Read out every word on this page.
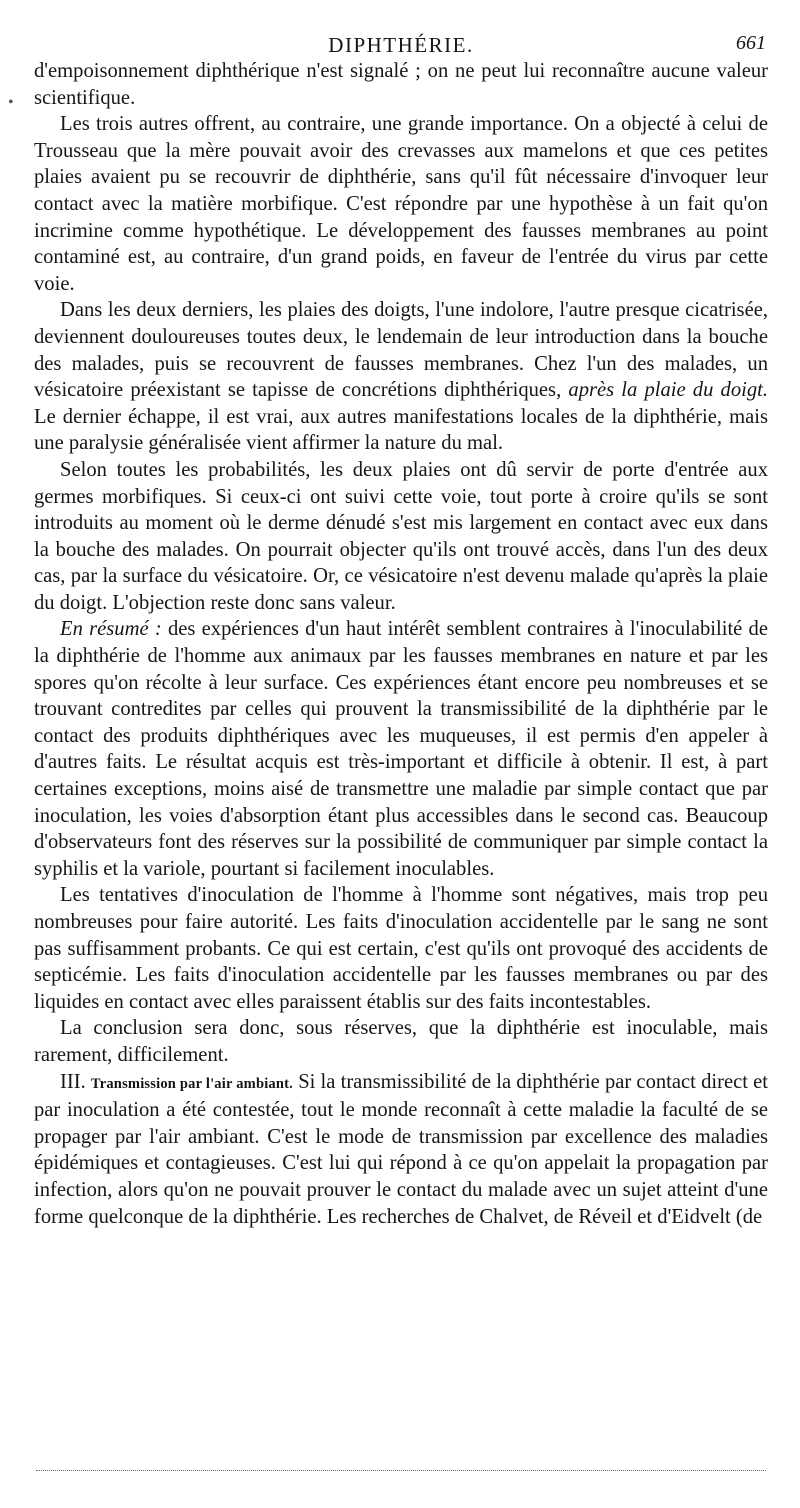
DIPHTHÉRIE.	661
•

d'empoisonnement diphthérique n'est signalé ; on ne peut lui reconnaître aucune valeur scientifique.

Les trois autres offrent, au contraire, une grande importance. On a objecté à celui de Trousseau que la mère pouvait avoir des crevasses aux mamelons et que ces petites plaies avaient pu se recouvrir de diphthérie, sans qu'il fût nécessaire d'invoquer leur contact avec la matière morbifique. C'est répondre par une hypothèse à un fait qu'on incrimine comme hypothétique. Le développement des fausses membranes au point contaminé est, au contraire, d'un grand poids, en faveur de l'entrée du virus par cette voie.

Dans les deux derniers, les plaies des doigts, l'une indolore, l'autre presque cicatrisée, deviennent douloureuses toutes deux, le lendemain de leur introduction dans la bouche des malades, puis se recouvrent de fausses membranes. Chez l'un des malades, un vésicatoire préexistant se tapisse de concrétions diphthériques, après la plaie du doigt. Le dernier échappe, il est vrai, aux autres manifestations locales de la diphthérie, mais une paralysie généralisée vient affirmer la nature du mal.

Selon toutes les probabilités, les deux plaies ont dû servir de porte d'entrée aux germes morbifiques. Si ceux-ci ont suivi cette voie, tout porte à croire qu'ils se sont introduits au moment où le derme dénudé s'est mis largement en contact avec eux dans la bouche des malades. On pourrait objecter qu'ils ont trouvé accès, dans l'un des deux cas, par la surface du vésicatoire. Or, ce vésicatoire n'est devenu malade qu'après la plaie du doigt. L'objection reste donc sans valeur.

En résumé : des expériences d'un haut intérêt semblent contraires à l'inoculabilité de la diphthérie de l'homme aux animaux par les fausses membranes en nature et par les spores qu'on récolte à leur surface. Ces expériences étant encore peu nombreuses et se trouvant contredites par celles qui prouvent la transmissibilité de la diphthérie par le contact des produits diphthériques avec les muqueuses, il est permis d'en appeler à d'autres faits. Le résultat acquis est très-important et difficile à obtenir. Il est, à part certaines exceptions, moins aisé de transmettre une maladie par simple contact que par inoculation, les voies d'absorption étant plus accessibles dans le second cas. Beaucoup d'observateurs font des réserves sur la possibilité de communiquer par simple contact la syphilis et la variole, pourtant si facilement inoculables.

Les tentatives d'inoculation de l'homme à l'homme sont négatives, mais trop peu nombreuses pour faire autorité. Les faits d'inoculation accidentelle par le sang ne sont pas suffisamment probants. Ce qui est certain, c'est qu'ils ont provoqué des accidents de septicémie. Les faits d'inoculation accidentelle par les fausses membranes ou par des liquides en contact avec elles paraissent établis sur des faits incontestables.

La conclusion sera donc, sous réserves, que la diphthérie est inoculable, mais rarement, difficilement.

III. Transmission par l'air ambiant. Si la transmissibilité de la diphthérie par contact direct et par inoculation a été contestée, tout le monde reconnaît à cette maladie la faculté de se propager par l'air ambiant. C'est le mode de transmission par excellence des maladies épidémiques et contagieuses. C'est lui qui répond à ce qu'on appelait la propagation par infection, alors qu'on ne pouvait prouver le contact du malade avec un sujet atteint d'une forme quelconque de la diphthérie. Les recherches de Chalvet, de Réveil et d'Eidvelt (de
